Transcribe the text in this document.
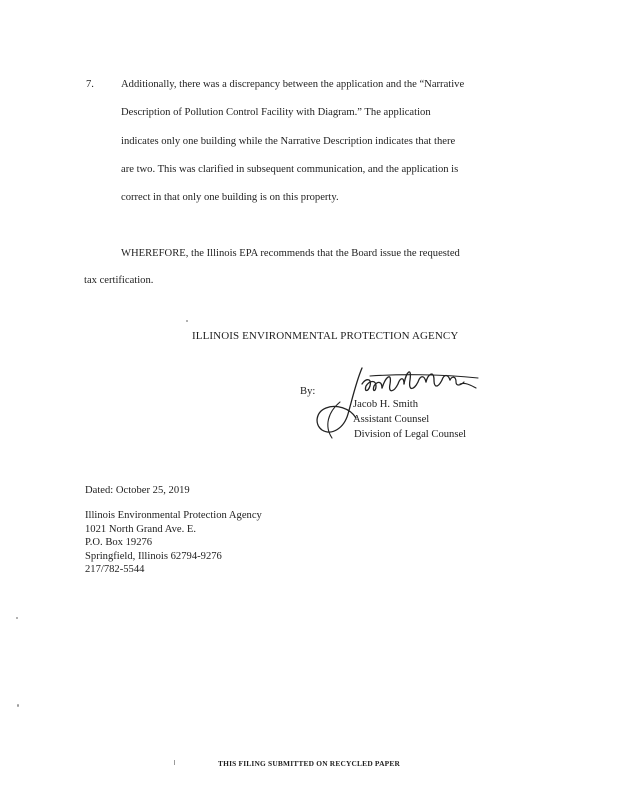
7.	Additionally, there was a discrepancy between the application and the “Narrative
Description of Pollution Control Facility with Diagram.” The application
indicates only one building while the Narrative Description indicates that there
are two. This was clarified in subsequent communication, and the application is
correct in that only one building is on this property.
WHEREFORE, the Illinois EPA recommends that the Board issue the requested
tax certification.
ILLINOIS ENVIRONMENTAL PROTECTION AGENCY
By:
Jacob H. Smith
Assistant Counsel
Division of Legal Counsel
Dated: October 25, 2019
Illinois Environmental Protection Agency
1021 North Grand Ave. E.
P.O. Box 19276
Springfield, Illinois 62794-9276
217/782-5544
THIS FILING SUBMITTED ON RECYCLED PAPER
